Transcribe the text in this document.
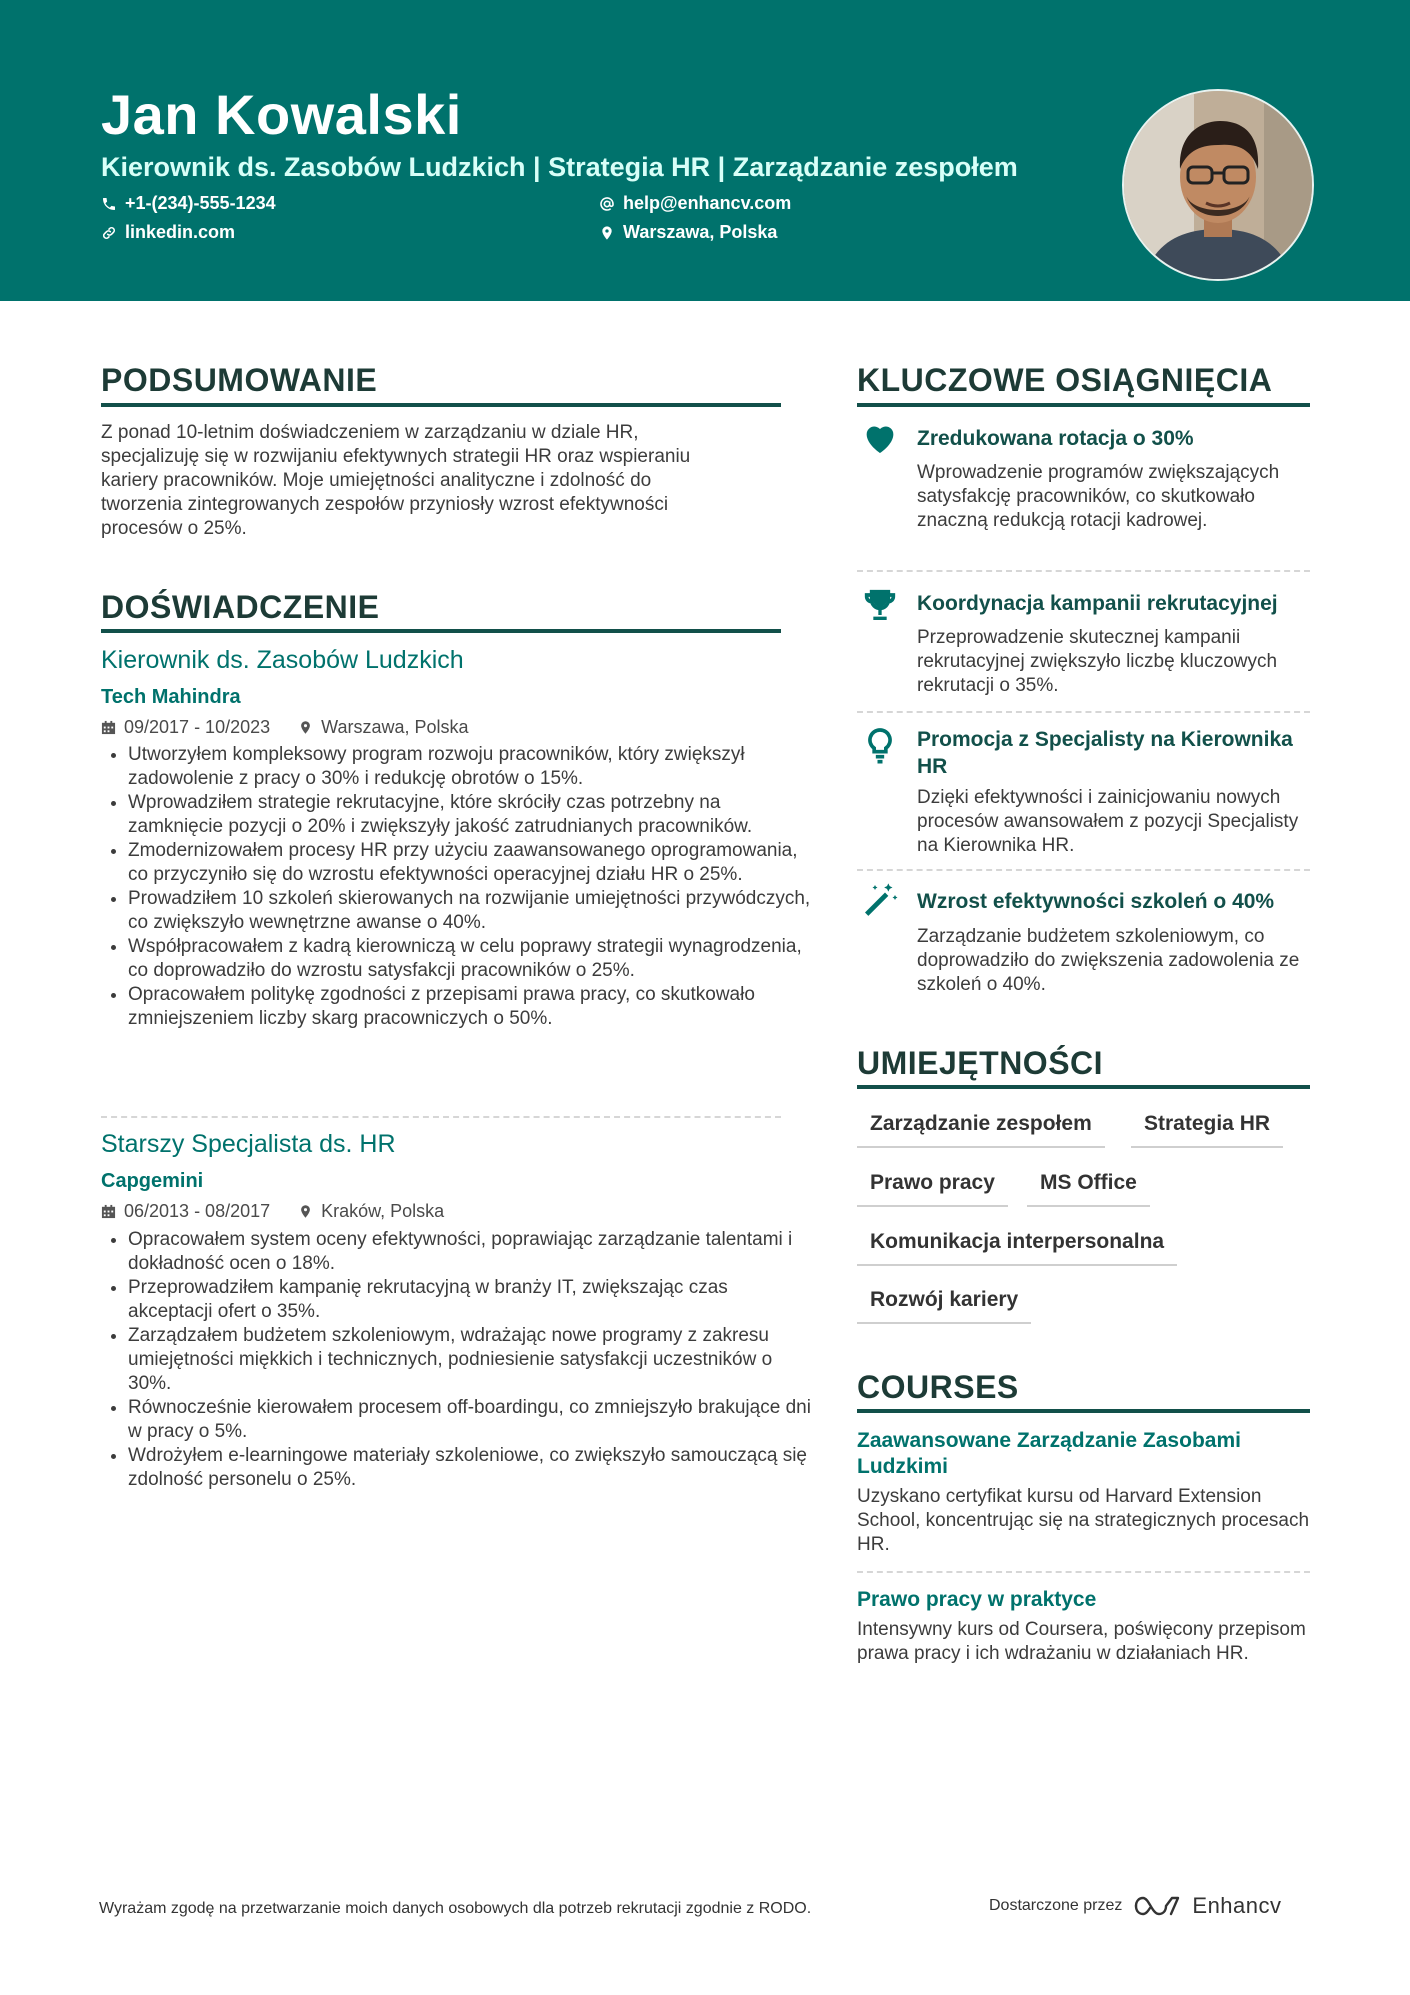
Jan Kowalski
Kierownik ds. Zasobów Ludzkich | Strategia HR | Zarządzanie zespołem
+1-(234)-555-1234	help@enhancv.com
linkedin.com	Warszawa, Polska
PODSUMOWANIE
Z ponad 10-letnim doświadczeniem w zarządzaniu w dziale HR,
specjalizuję się w rozwijaniu efektywnych strategii HR oraz wspieraniu
kariery pracowników. Moje umiejętności analityczne i zdolność do
tworzenia zintegrowanych zespołów przyniosły wzrost efektywności
procesów o 25%.
DOŚWIADCZENIE
Kierownik ds. Zasobów Ludzkich
Tech Mahindra
09/2017 - 10/2023	Warszawa, Polska
• Utworzyłem kompleksowy program rozwoju pracowników, który zwiększył zadowolenie z pracy o 30% i redukcję obrotów o 15%.
• Wprowadziłem strategie rekrutacyjne, które skróciły czas potrzebny na zamknięcie pozycji o 20% i zwiększyły jakość zatrudnianych pracowników.
• Zmodernizowałem procesy HR przy użyciu zaawansowanego oprogramowania, co przyczyniło się do wzrostu efektywności operacyjnej działu HR o 25%.
• Prowadziłem 10 szkoleń skierowanych na rozwijanie umiejętności przywódczych, co zwiększyło wewnętrzne awanse o 40%.
• Współpracowałem z kadrą kierowniczą w celu poprawy strategii wynagrodzenia, co doprowadziło do wzrostu satysfakcji pracowników o 25%.
• Opracowałem politykę zgodności z przepisami prawa pracy, co skutkowało zmniejszeniem liczby skarg pracowniczych o 50%.
Starszy Specjalista ds. HR
Capgemini
06/2013 - 08/2017	Kraków, Polska
• Opracowałem system oceny efektywności, poprawiając zarządzanie talentami i dokładność ocen o 18%.
• Przeprowadziłem kampanię rekrutacyjną w branży IT, zwiększając czas akceptacji ofert o 35%.
• Zarządzałem budżetem szkoleniowym, wdrażając nowe programy z zakresu umiejętności miękkich i technicznych, podniesienie satysfakcji uczestników o 30%.
• Równocześnie kierowałem procesem off-boardingu, co zmniejszyło brakujące dni w pracy o 5%.
• Wdrożyłem e-learningowe materiały szkoleniowe, co zwiększyło samouczącą się zdolność personelu o 25%.
KLUCZOWE OSIĄGNIĘCIA
Zredukowana rotacja o 30%
Wprowadzenie programów zwiększających satysfakcję pracowników, co skutkowało znaczną redukcją rotacji kadrowej.
Koordynacja kampanii rekrutacyjnej
Przeprowadzenie skutecznej kampanii rekrutacyjnej zwiększyło liczbę kluczowych rekrutacji o 35%.
Promocja z Specjalisty na Kierownika HR
Dzięki efektywności i zainicjowaniu nowych procesów awansowałem z pozycji Specjalisty na Kierownika HR.
Wzrost efektywności szkoleń o 40%
Zarządzanie budżetem szkoleniowym, co doprowadziło do zwiększenia zadowolenia ze szkoleń o 40%.
UMIEJĘTNOŚCI
Zarządzanie zespołem	Strategia HR
Prawo pracy	MS Office
Komunikacja interpersonalna
Rozwój kariery
COURSES
Zaawansowane Zarządzanie Zasobami Ludzkimi
Uzyskano certyfikat kursu od Harvard Extension School, koncentrując się na strategicznych procesach HR.
Prawo pracy w praktyce
Intensywny kurs od Coursera, poświęcony przepisom prawa pracy i ich wdrażaniu w działaniach HR.
Wyrażam zgodę na przetwarzanie moich danych osobowych dla potrzeb rekrutacji zgodnie z RODO.	Dostarczone przez	Enhancv
